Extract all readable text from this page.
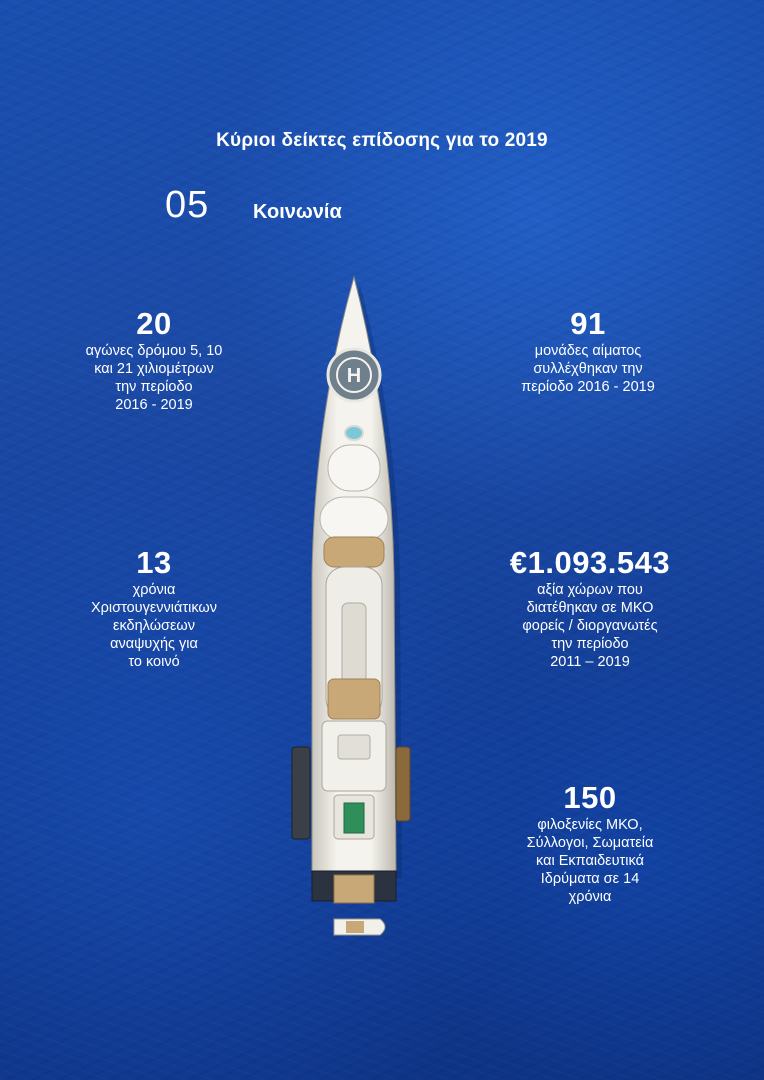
Κύριοι δείκτες επίδοσης για το 2019
05 Κοινωνία
H
20
αγώνες δρόμου 5, 10
και 21 χιλιομέτρων
την περίοδο
2016 - 2019
91
μονάδες αίματος
συλλέχθηκαν την
περίοδο 2016 - 2019
13
χρόνια
Χριστουγεννιάτικων
εκδηλώσεων
αναψυχής για
το κοινό
€1.093.543
αξία χώρων που
διατέθηκαν σε ΜΚΟ
φορείς / διοργανωτές
την περίοδο
2011 – 2019
150
φιλοξενίες ΜΚΟ,
Σύλλογοι, Σωματεία
και Εκπαιδευτικά
Ιδρύματα σε 14
χρόνια
